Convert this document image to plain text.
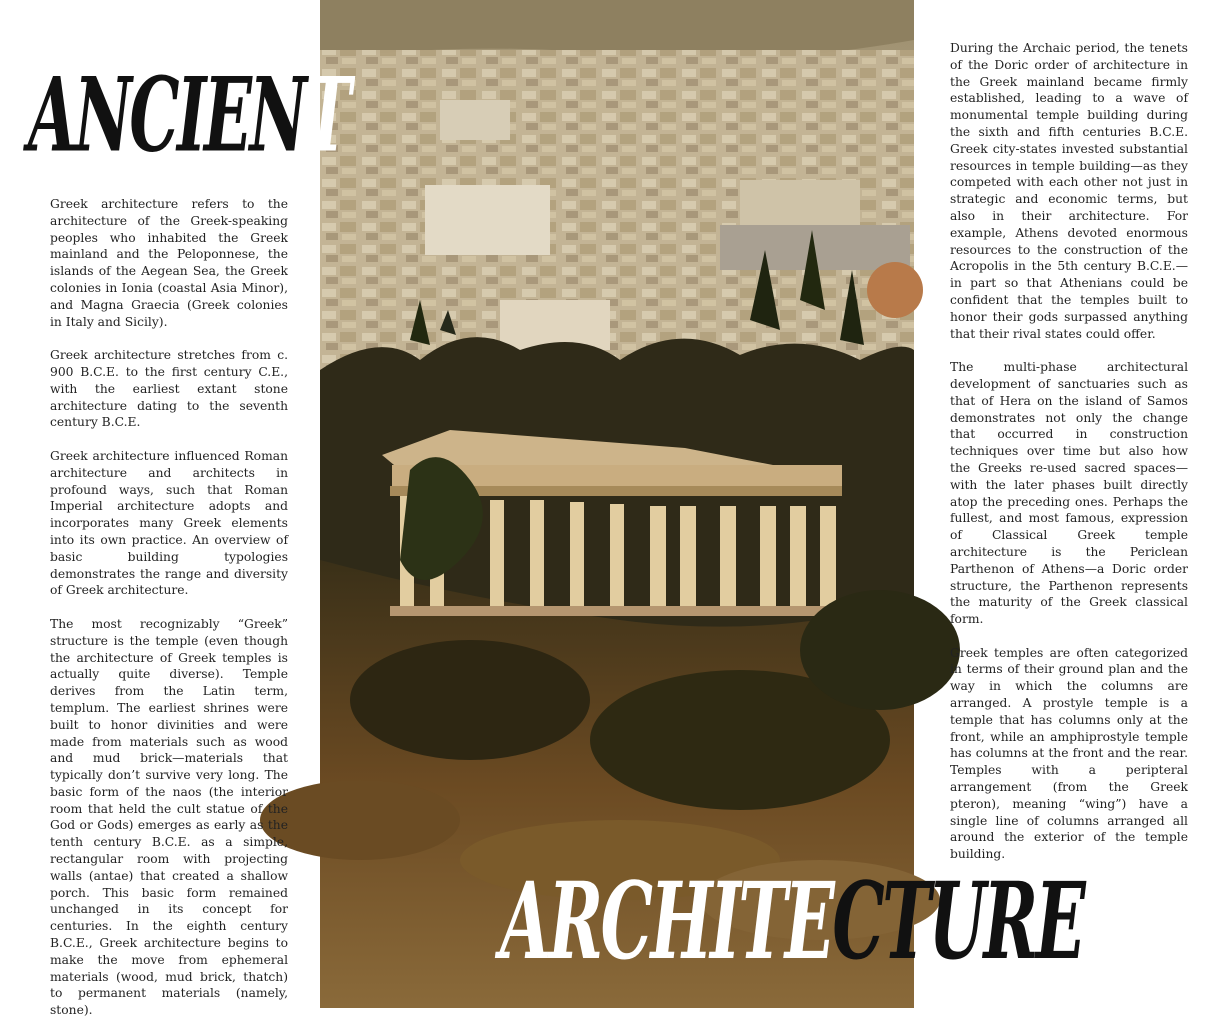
ANCIENT
ARCHITECTURE

Greek architecture refers to the architecture of the Greek-speaking peoples who inhabited the Greek mainland and the Peloponnese, the islands of the Aegean Sea, the Greek colonies in Ionia (coastal Asia Minor), and Magna Graecia (Greek colonies in Italy and Sicily).

Greek architecture stretches from c. 900 B.C.E. to the first century C.E., with the earliest extant stone architecture dating to the seventh century B.C.E.

Greek architecture influenced Roman architecture and architects in profound ways, such that Roman Imperial architecture adopts and incorporates many Greek elements into its own practice. An overview of basic building typologies demonstrates the range and diversity of Greek architecture.

The most recognizably “Greek” structure is the temple (even though the architecture of Greek temples is actually quite diverse). Temple derives from the Latin term, templum. The earliest shrines were built to honor divinities and were made from materials such as wood and mud brick—materials that typically don’t survive very long. The basic form of the naos (the interior room that held the cult statue of the God or Gods) emerges as early as the tenth century B.C.E. as a simple, rectangular room with projecting walls (antae) that created a shallow porch. This basic form remained unchanged in its concept for centuries. In the eighth century B.C.E., Greek architecture begins to make the move from ephemeral materials (wood, mud brick, thatch) to permanent materials (namely, stone).

During the Archaic period, the tenets of the Doric order of architecture in the Greek mainland became firmly established, leading to a wave of monumental temple building during the sixth and fifth centuries B.C.E. Greek city-states invested substantial resources in temple building—as they competed with each other not just in strategic and economic terms, but also in their architecture. For example, Athens devoted enormous resources to the construction of the Acropolis in the 5th century B.C.E.—in part so that Athenians could be confident that the temples built to honor their gods surpassed anything that their rival states could offer.

The multi-phase architectural development of sanctuaries such as that of Hera on the island of Samos demonstrates not only the change that occurred in construction techniques over time but also how the Greeks re-used sacred spaces—with the later phases built directly atop the preceding ones. Perhaps the fullest, and most famous, expression of Classical Greek temple architecture is the Periclean Parthenon of Athens—a Doric order structure, the Parthenon represents the maturity of the Greek classical form.

Greek temples are often categorized in terms of their ground plan and the way in which the columns are arranged. A prostyle temple is a temple that has columns only at the front, while an amphiprostyle temple has columns at the front and the rear. Temples with a peripteral arrangement (from the Greek pteron), meaning “wing”) have a single line of columns arranged all around the exterior of the temple building.
